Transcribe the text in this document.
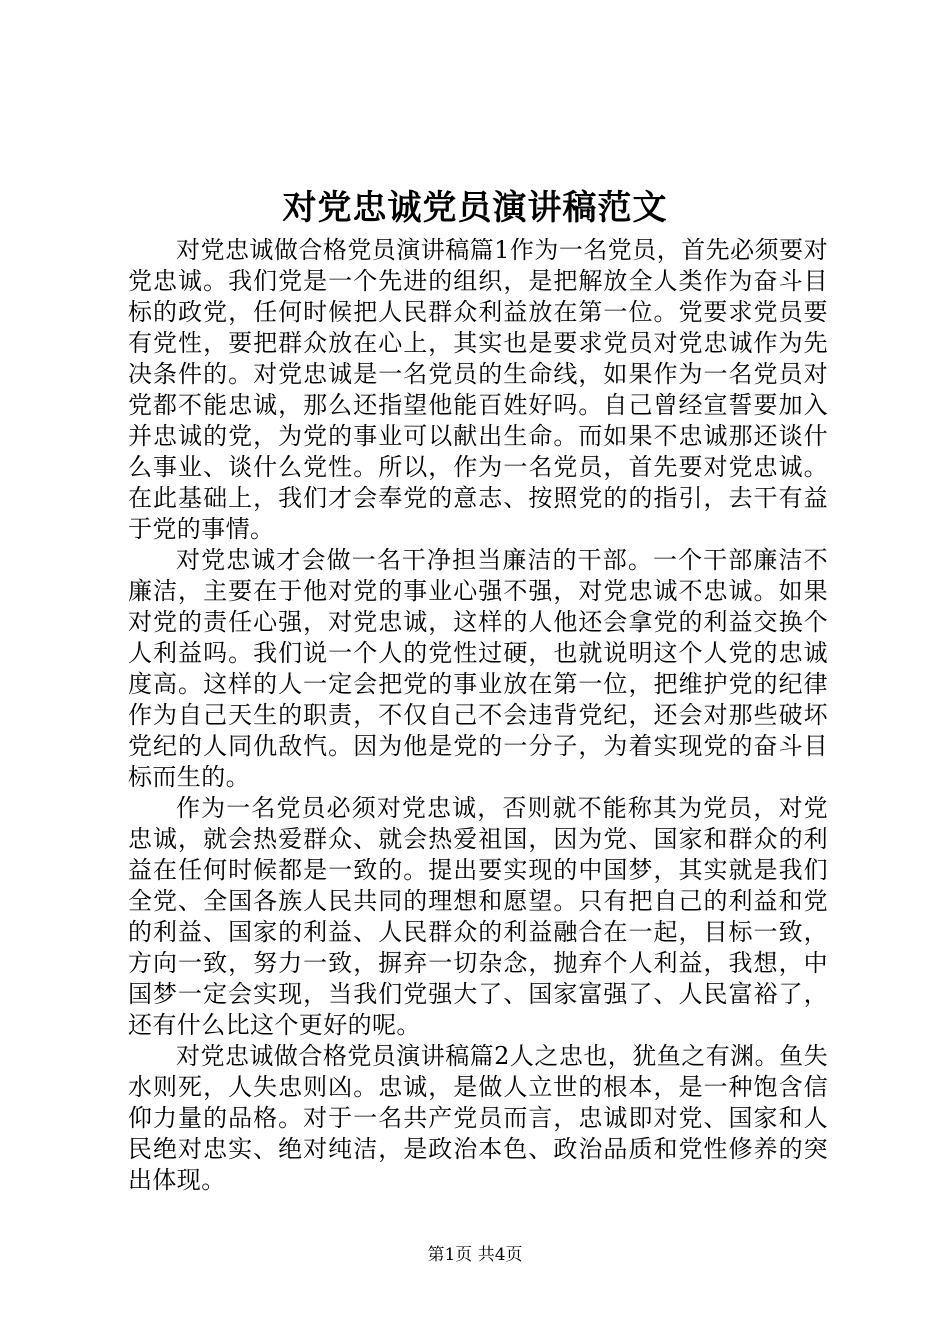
对党忠诚党员演讲稿范文

对党忠诚做合格党员演讲稿篇1作为一名党员，首先必须要对党忠诚。我们党是一个先进的组织，是把解放全人类作为奋斗目标的政党，任何时候把人民群众利益放在第一位。党要求党员要有党性，要把群众放在心上，其实也是要求党员对党忠诚作为先决条件的。对党忠诚是一名党员的生命线，如果作为一名党员对党都不能忠诚，那么还指望他能百姓好吗。自己曾经宣誓要加入并忠诚的党，为党的事业可以献出生命。而如果不忠诚那还谈什么事业、谈什么党性。所以，作为一名党员，首先要对党忠诚。在此基础上，我们才会奉党的意志、按照党的的指引，去干有益于党的事情。

对党忠诚才会做一名干净担当廉洁的干部。一个干部廉洁不廉洁，主要在于他对党的事业心强不强，对党忠诚不忠诚。如果对党的责任心强，对党忠诚，这样的人他还会拿党的利益交换个人利益吗。我们说一个人的党性过硬，也就说明这个人党的忠诚度高。这样的人一定会把党的事业放在第一位，把维护党的纪律作为自己天生的职责，不仅自己不会违背党纪，还会对那些破坏党纪的人同仇敌忾。因为他是党的一分子，为着实现党的奋斗目标而生的。

作为一名党员必须对党忠诚，否则就不能称其为党员，对党忠诚，就会热爱群众、就会热爱祖国，因为党、国家和群众的利益在任何时候都是一致的。提出要实现的中国梦，其实就是我们全党、全国各族人民共同的理想和愿望。只有把自己的利益和党的利益、国家的利益、人民群众的利益融合在一起，目标一致，方向一致，努力一致，摒弃一切杂念，抛弃个人利益，我想，中国梦一定会实现，当我们党强大了、国家富强了、人民富裕了，还有什么比这个更好的呢。

对党忠诚做合格党员演讲稿篇2人之忠也，犹鱼之有渊。鱼失水则死，人失忠则凶。忠诚，是做人立世的根本，是一种饱含信仰力量的品格。对于一名共产党员而言，忠诚即对党、国家和人民绝对忠实、绝对纯洁，是政治本色、政治品质和党性修养的突出体现。

第1页 共4页
